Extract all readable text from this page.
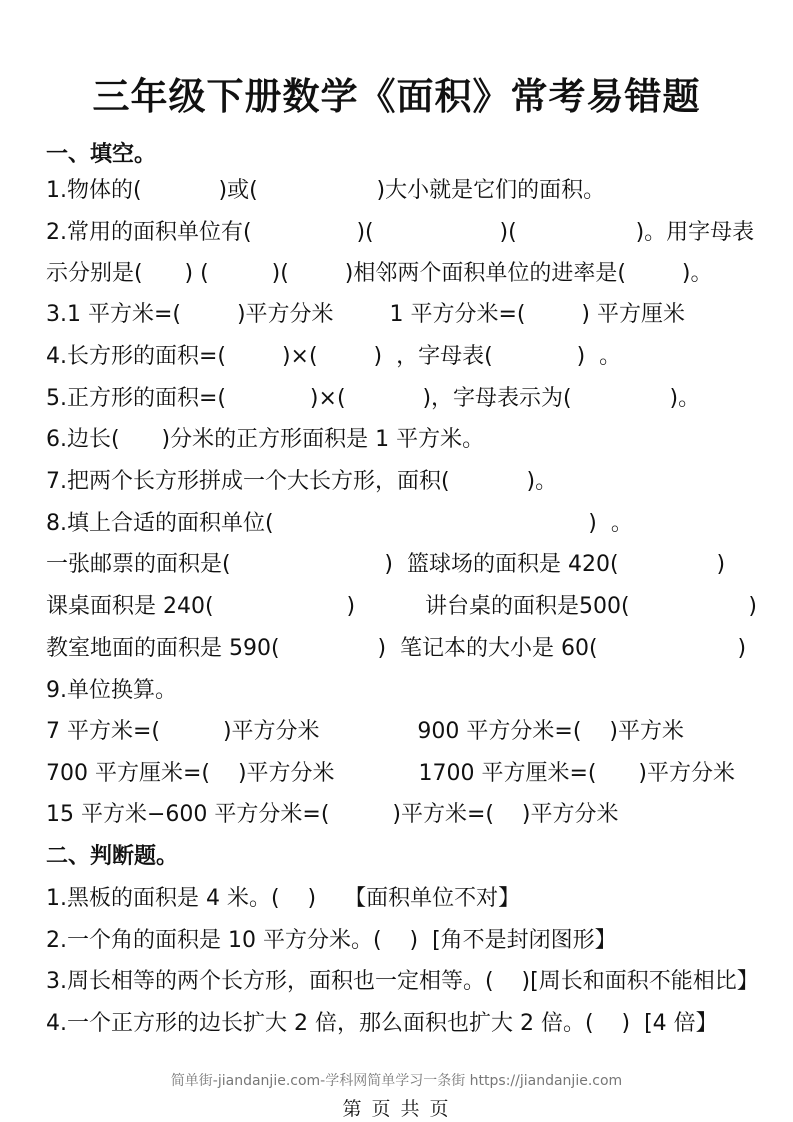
三年级下册数学《面积》常考易错题
一、填空。
1.物体的(           )或(                 )大小就是它们的面积。
2.常用的面积单位有(               )(                  )(                 )。用字母表
示分别是(      ) (         )(        )相邻两个面积单位的进率是(        )。
3.1 平方米=(        )平方分米        1 平方分米=(        ) 平方厘米
4.长方形的面积=(        )×(        )  ，字母表(            )  。
5.正方形的面积=(            )×(           )，字母表示为(              )。
6.边长(      )分米的正方形面积是 1 平方米。
7.把两个长方形拼成一个大长方形，面积(           )。
8.填上合适的面积单位(                                             )  。
一张邮票的面积是(                      )  篮球场的面积是 420(              )
课桌面积是 240(                   )          讲台桌的面积是500(                 )
教室地面的面积是 590(              )  笔记本的大小是 60(                    )
9.单位换算。
7 平方米=(         )平方分米              900 平方分米=(    )平方米
700 平方厘米=(    )平方分米            1700 平方厘米=(      )平方分米
15 平方米−600 平方分米=(         )平方米=(    )平方分米
二、判断题。
1.黑板的面积是 4 米。(    )    【面积单位不对】
2.一个角的面积是 10 平方分米。(    )  [角不是封闭图形】
3.周长相等的两个长方形，面积也一定相等。(    )[周长和面积不能相比】
4.一个正方形的边长扩大 2 倍，那么面积也扩大 2 倍。(    )  [4 倍】
简单街-jiandanjie.com-学科网简单学习一条街 https://jiandanjie.com
第 页 共 页
